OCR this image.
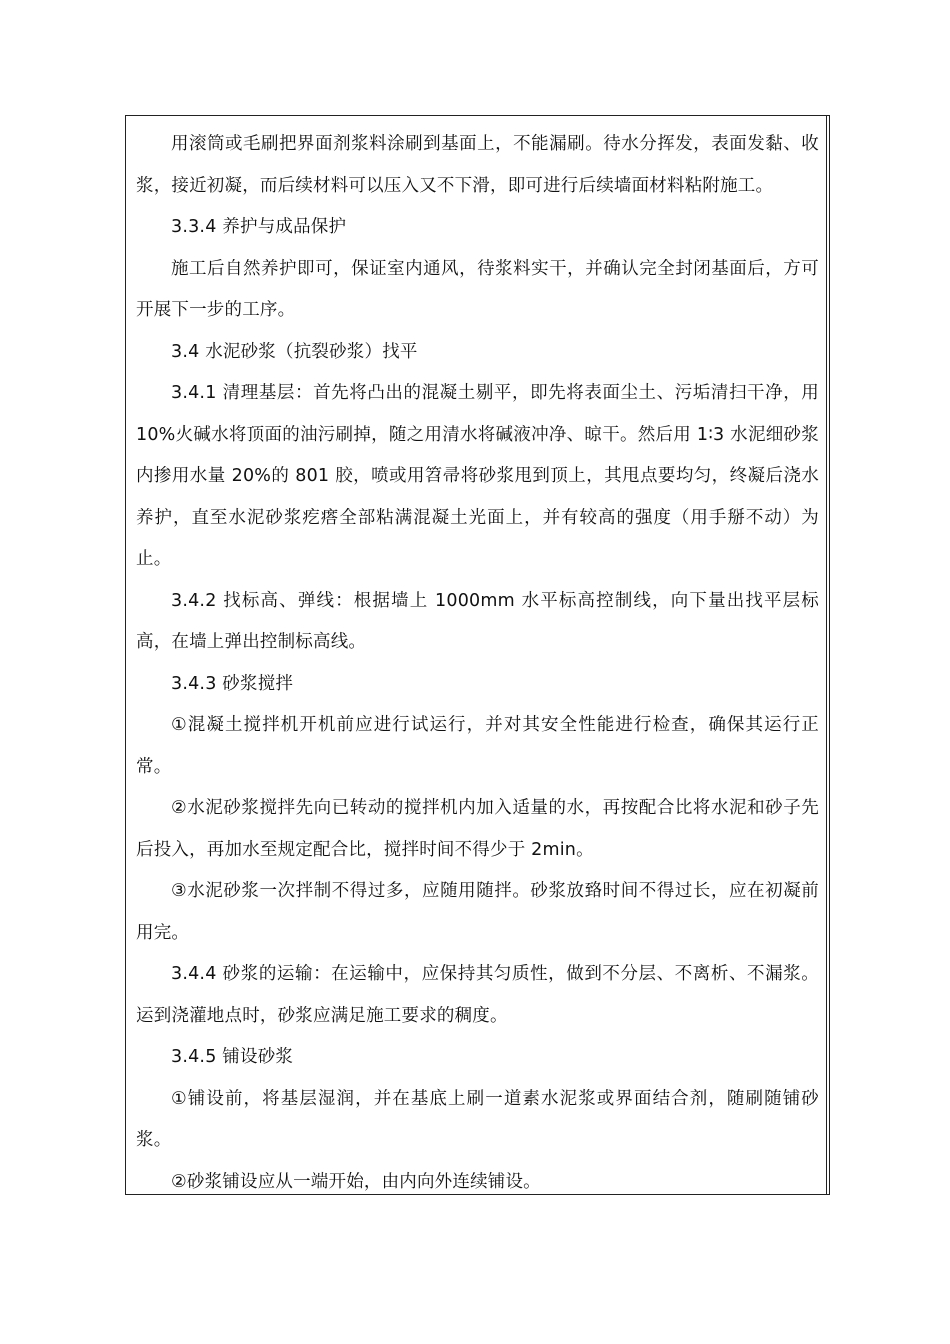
用滚筒或毛刷把界面剂浆料涂刷到基面上，不能漏刷。待水分挥发，表面发黏、收浆，接近初凝，而后续材料可以压入又不下滑，即可进行后续墙面材料粘附施工。

3.3.4 养护与成品保护

施工后自然养护即可，保证室内通风，待浆料实干，并确认完全封闭基面后，方可开展下一步的工序。

3.4 水泥砂浆（抗裂砂浆）找平

3.4.1 清理基层：首先将凸出的混凝土剔平，即先将表面尘土、污垢清扫干净，用 10%火碱水将顶面的油污刷掉，随之用清水将碱液冲净、晾干。然后用 1∶3 水泥细砂浆内掺用水量 20%的 801 胶，喷或用笤帚将砂浆甩到顶上，其甩点要均匀，终凝后浇水养护，直至水泥砂浆疙瘩全部粘满混凝土光面上，并有较高的强度（用手掰不动）为止。

3.4.2 找标高、弹线：根据墙上 1000mm 水平标高控制线，向下量出找平层标高，在墙上弹出控制标高线。

3.4.3 砂浆搅拌

①混凝土搅拌机开机前应进行试运行，并对其安全性能进行检查，确保其运行正常。

②水泥砂浆搅拌先向已转动的搅拌机内加入适量的水，再按配合比将水泥和砂子先后投入，再加水至规定配合比，搅拌时间不得少于 2min。

③水泥砂浆一次拌制不得过多，应随用随拌。砂浆放臵时间不得过长，应在初凝前用完。

3.4.4 砂浆的运输：在运输中，应保持其匀质性，做到不分层、不离析、不漏浆。运到浇灌地点时，砂浆应满足施工要求的稠度。

3.4.5 铺设砂浆

①铺设前，将基层湿润，并在基底上刷一道素水泥浆或界面结合剂，随刷随铺砂浆。

②砂浆铺设应从一端开始，由内向外连续铺设。
